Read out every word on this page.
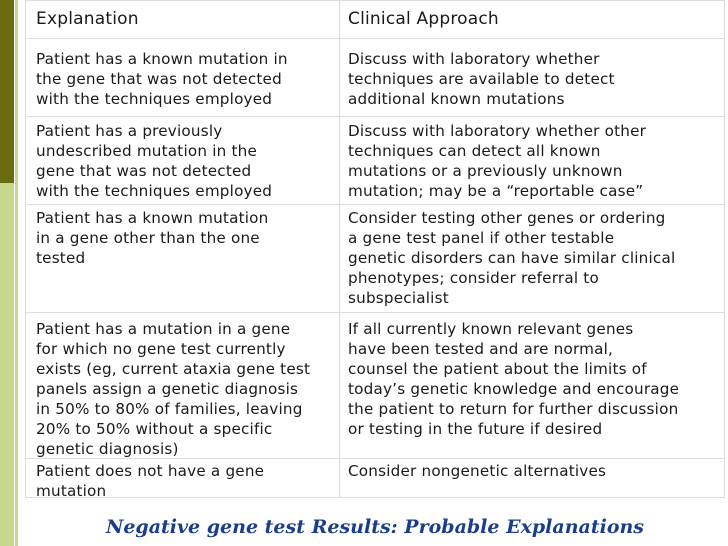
Explanation	Clinical Approach
Patient has a known mutation in
the gene that was not detected
with the techniques employed
Discuss with laboratory whether
techniques are available to detect
additional known mutations
Patient has a previously
undescribed mutation in the
gene that was not detected
with the techniques employed
Discuss with laboratory whether other
techniques can detect all known
mutations or a previously unknown
mutation; may be a “reportable case”
Patient has a known mutation
in a gene other than the one
tested
Consider testing other genes or ordering
a gene test panel if other testable
genetic disorders can have similar clinical
phenotypes; consider referral to
subspecialist
Patient has a mutation in a gene
for which no gene test currently
exists (eg, current ataxia gene test
panels assign a genetic diagnosis
in 50% to 80% of families, leaving
20% to 50% without a specific
genetic diagnosis)
If all currently known relevant genes
have been tested and are normal,
counsel the patient about the limits of
today’s genetic knowledge and encourage
the patient to return for further discussion
or testing in the future if desired
Patient does not have a gene
mutation
Consider nongenetic alternatives
Negative gene test Results: Probable Explanations
